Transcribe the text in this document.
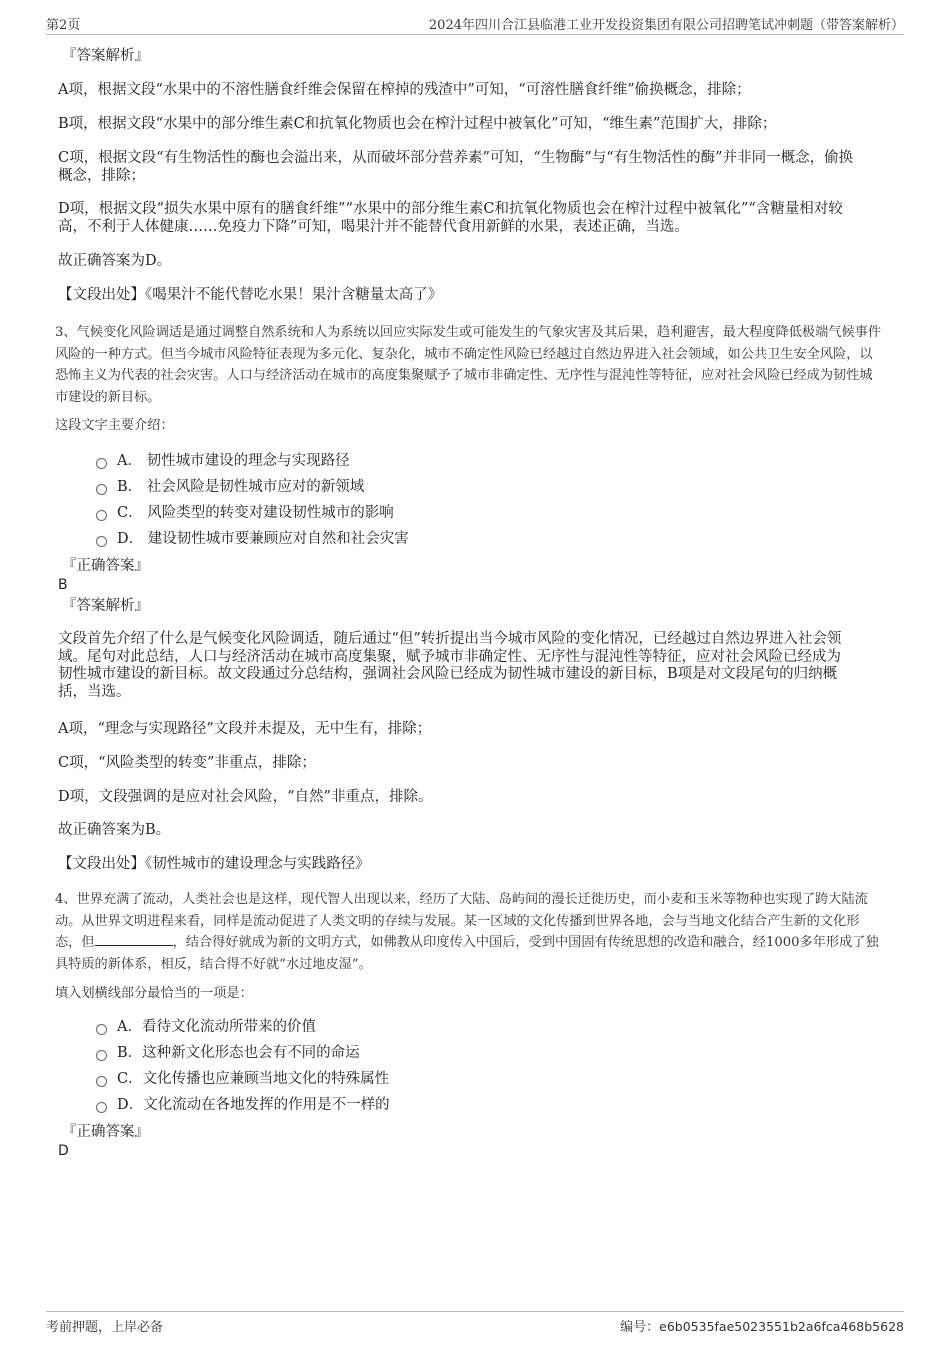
第2页	2024年四川合江县临港工业开发投资集团有限公司招聘笔试冲刺题（带答案解析）
『答案解析』
A项，根据文段“水果中的不溶性膳食纤维会保留在榨掉的残渣中”可知，“可溶性膳食纤维”偷换概念，排除；
B项，根据文段“水果中的部分维生素C和抗氧化物质也会在榨汁过程中被氧化”可知，“维生素”范围扩大，排除；
C项，根据文段“有生物活性的酶也会溢出来，从而破坏部分营养素”可知，“生物酶”与“有生物活性的酶”并非同一概念，偷换
概念，排除；
D项，根据文段“损失水果中原有的膳食纤维”“水果中的部分维生素C和抗氧化物质也会在榨汁过程中被氧化”“含糖量相对较
高，不利于人体健康……免疫力下降”可知，喝果汁并不能替代食用新鲜的水果，表述正确，当选。
故正确答案为D。
【文段出处】《喝果汁不能代替吃水果！果汁含糖量太高了》
3、气候变化风险调适是通过调整自然系统和人为系统以回应实际发生或可能发生的气象灾害及其后果，趋利避害，最大程度降低极端气候事件
风险的一种方式。但当今城市风险特征表现为多元化、复杂化，城市不确定性风险已经越过自然边界进入社会领域，如公共卫生安全风险，以
恐怖主义为代表的社会灾害。人口与经济活动在城市的高度集聚赋予了城市非确定性、无序性与混沌性等特征，应对社会风险已经成为韧性城
市建设的新目标。
这段文字主要介绍：
A． 韧性城市建设的理念与实现路径
B． 社会风险是韧性城市应对的新领域
C． 风险类型的转变对建设韧性城市的影响
D． 建设韧性城市要兼顾应对自然和社会灾害
『正确答案』
B
『答案解析』
文段首先介绍了什么是气候变化风险调适，随后通过“但”转折提出当今城市风险的变化情况，已经越过自然边界进入社会领
域。尾句对此总结，人口与经济活动在城市高度集聚，赋予城市非确定性、无序性与混沌性等特征，应对社会风险已经成为
韧性城市建设的新目标。故文段通过分总结构，强调社会风险已经成为韧性城市建设的新目标，B项是对文段尾句的归纳概
括，当选。
A项，“理念与实现路径”文段并未提及，无中生有，排除；
C项，“风险类型的转变”非重点，排除；
D项，文段强调的是应对社会风险，“自然”非重点，排除。
故正确答案为B。
【文段出处】《韧性城市的建设理念与实践路径》
4、世界充满了流动，人类社会也是这样，现代智人出现以来，经历了大陆、岛屿间的漫长迁徙历史，而小麦和玉米等物种也实现了跨大陆流
动。从世界文明进程来看，同样是流动促进了人类文明的存续与发展。某一区域的文化传播到世界各地，会与当地文化结合产生新的文化形
态，但	，结合得好就成为新的文明方式，如佛教从印度传入中国后，受到中国固有传统思想的改造和融合，经1000多年形成了独
具特质的新体系，相反，结合得不好就“水过地皮湿”。
填入划横线部分最恰当的一项是：
A．看待文化流动所带来的价值
B．这种新文化形态也会有不同的命运
C．文化传播也应兼顾当地文化的特殊属性
D．文化流动在各地发挥的作用是不一样的
『正确答案』
D
考前押题，上岸必备	编号：e6b0535fae5023551b2a6fca468b5628
